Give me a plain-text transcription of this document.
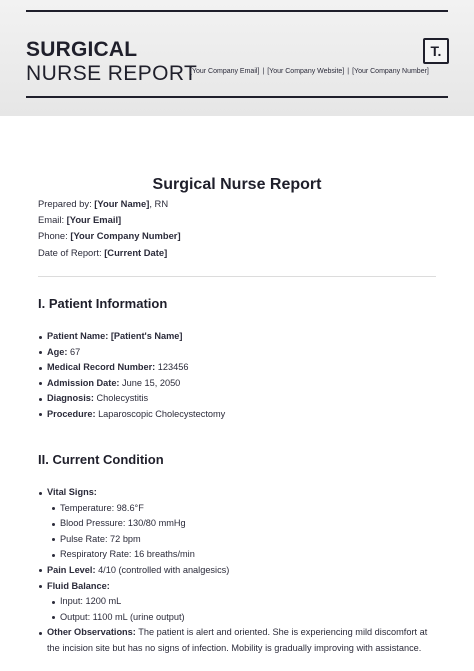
SURGICAL
NURSE REPORT
T.
[Your Company Email] | [Your Company Website] | [Your Company Number]
Surgical Nurse Report
Prepared by: [Your Name], RN
Email: [Your Email]
Phone: [Your Company Number]
Date of Report: [Current Date]
I. Patient Information
Patient Name: [Patient's Name]
Age: 67
Medical Record Number: 123456
Admission Date: June 15, 2050
Diagnosis: Cholecystitis
Procedure: Laparoscopic Cholecystectomy
II. Current Condition
Vital Signs:
Temperature: 98.6°F
Blood Pressure: 130/80 mmHg
Pulse Rate: 72 bpm
Respiratory Rate: 16 breaths/min
Pain Level: 4/10 (controlled with analgesics)
Fluid Balance:
Input: 1200 mL
Output: 1100 mL (urine output)
Other Observations: The patient is alert and oriented. She is experiencing mild discomfort at the incision site but has no signs of infection. Mobility is gradually improving with assistance.
